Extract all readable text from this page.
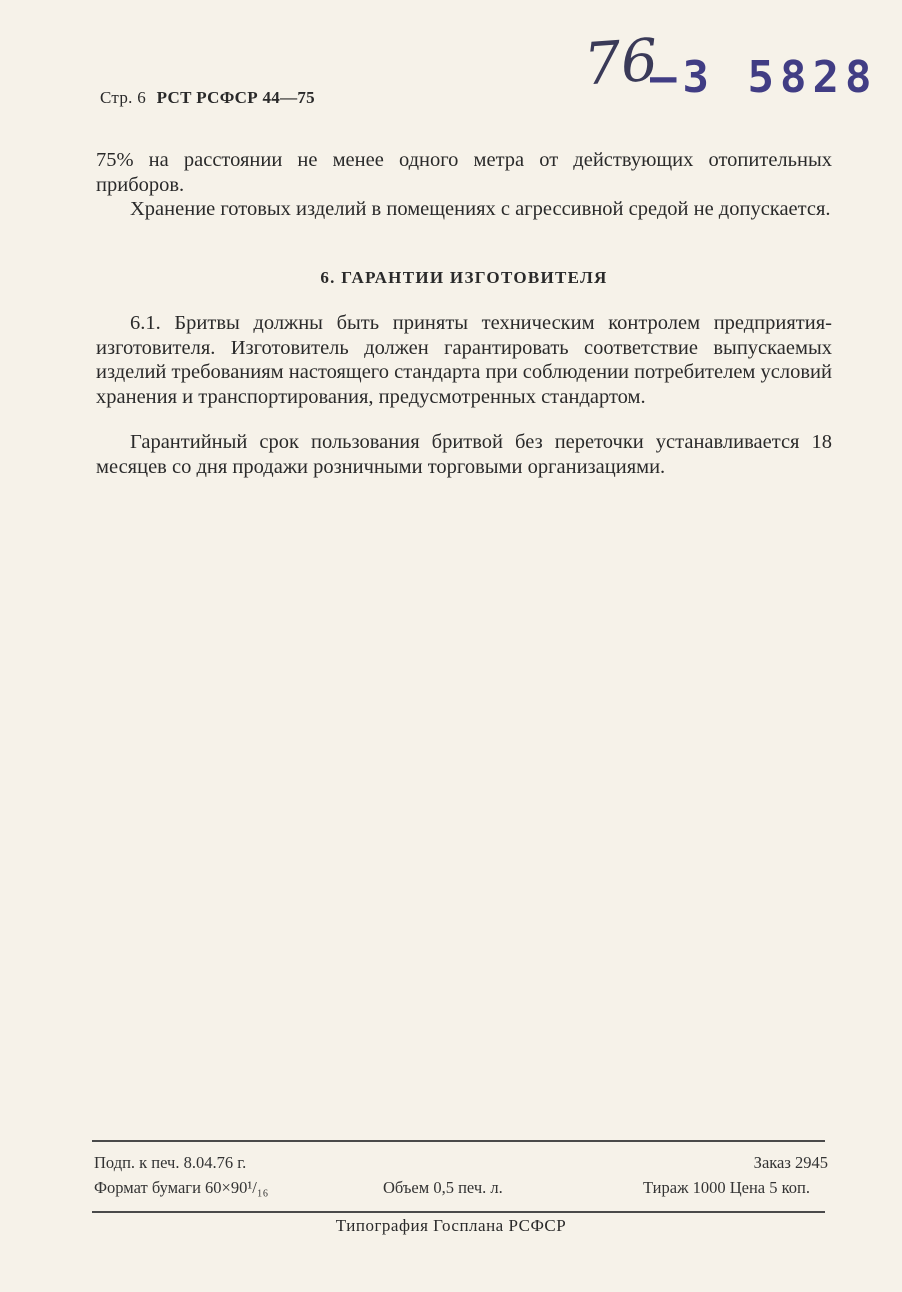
Стр. 6 РСТ РСФСР 44—75	76
–3 5828

75% на расстоянии не менее одного метра от действующих отопительных приборов.

Хранение готовых изделий в помещениях с агрессивной средой не допускается.

6. ГАРАНТИИ ИЗГОТОВИТЕЛЯ

6.1. Бритвы должны быть приняты техническим контролем предприятия-изготовителя. Изготовитель должен гарантировать соответствие выпускаемых изделий требованиям настоящего стандарта при соблюдении потребителем условий хранения и транспортирования, предусмотренных стандартом.

Гарантийный срок пользования бритвой без переточки устанавливается 18 месяцев со дня продажи розничными торговыми организациями.

Подп. к печ. 8.04.76 г.
Формат бумаги 60×90¹/₁₆	Объем 0,5 печ. л.
Заказ 2945
Тираж 1000 Цена 5 коп.
Типография Госплана РСФСР
